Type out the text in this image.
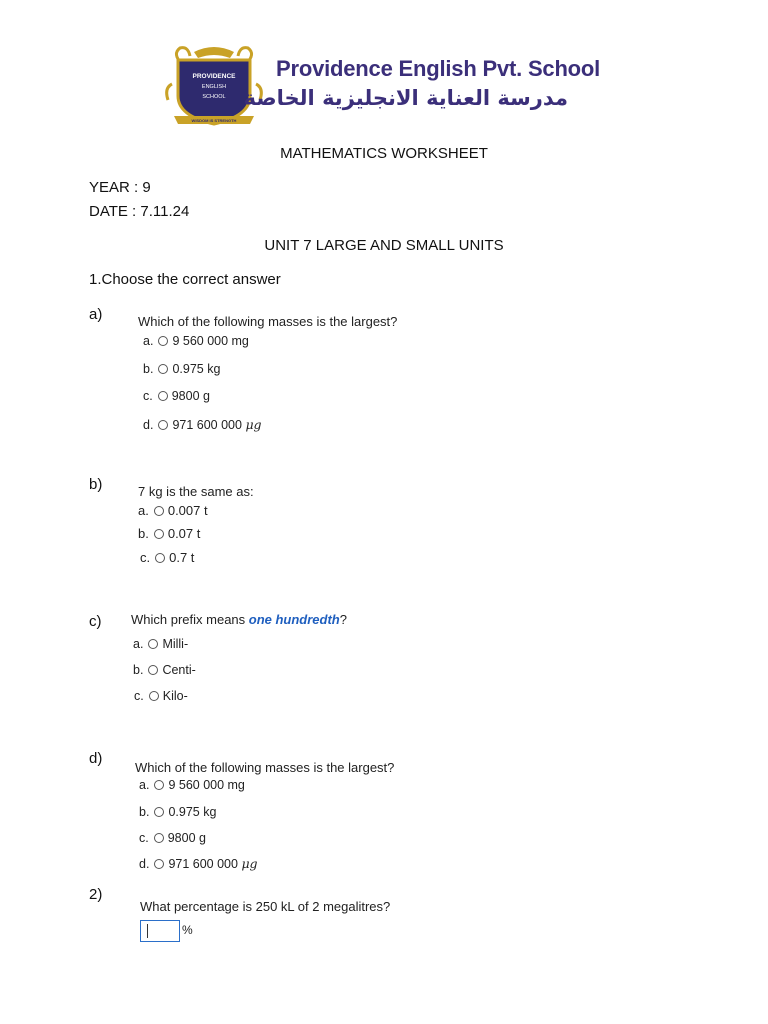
PROVIDENCE
ENGLISH
SCHOOL
WISDOM IS STRENGTH
Providence English Pvt. School
مدرسة العناية الانجليزية الخاصة
MATHEMATICS WORKSHEET
YEAR : 9
DATE : 7.11.24
UNIT 7 LARGE AND SMALL UNITS
1.Choose the correct answer
a)	Which of the following masses is the largest?
a. 9 560 000 mg
b. 0.975 kg
c. 9800 g
d. 971 600 000
μg
b)	7 kg is the same as:
a. 0.007 t
b. 0.07 t
c. 0.7 t
c) Which prefix means one hundredth?
a. Milli-
b. Centi-
c. Kilo-
d)
Which of the following masses is the largest?
a. 9 560 000 mg
b. 0.975 kg
c. 9800 g
d. 971 600 000
μg
2)
What percentage is 250 kL of 2 megalitres?
%
